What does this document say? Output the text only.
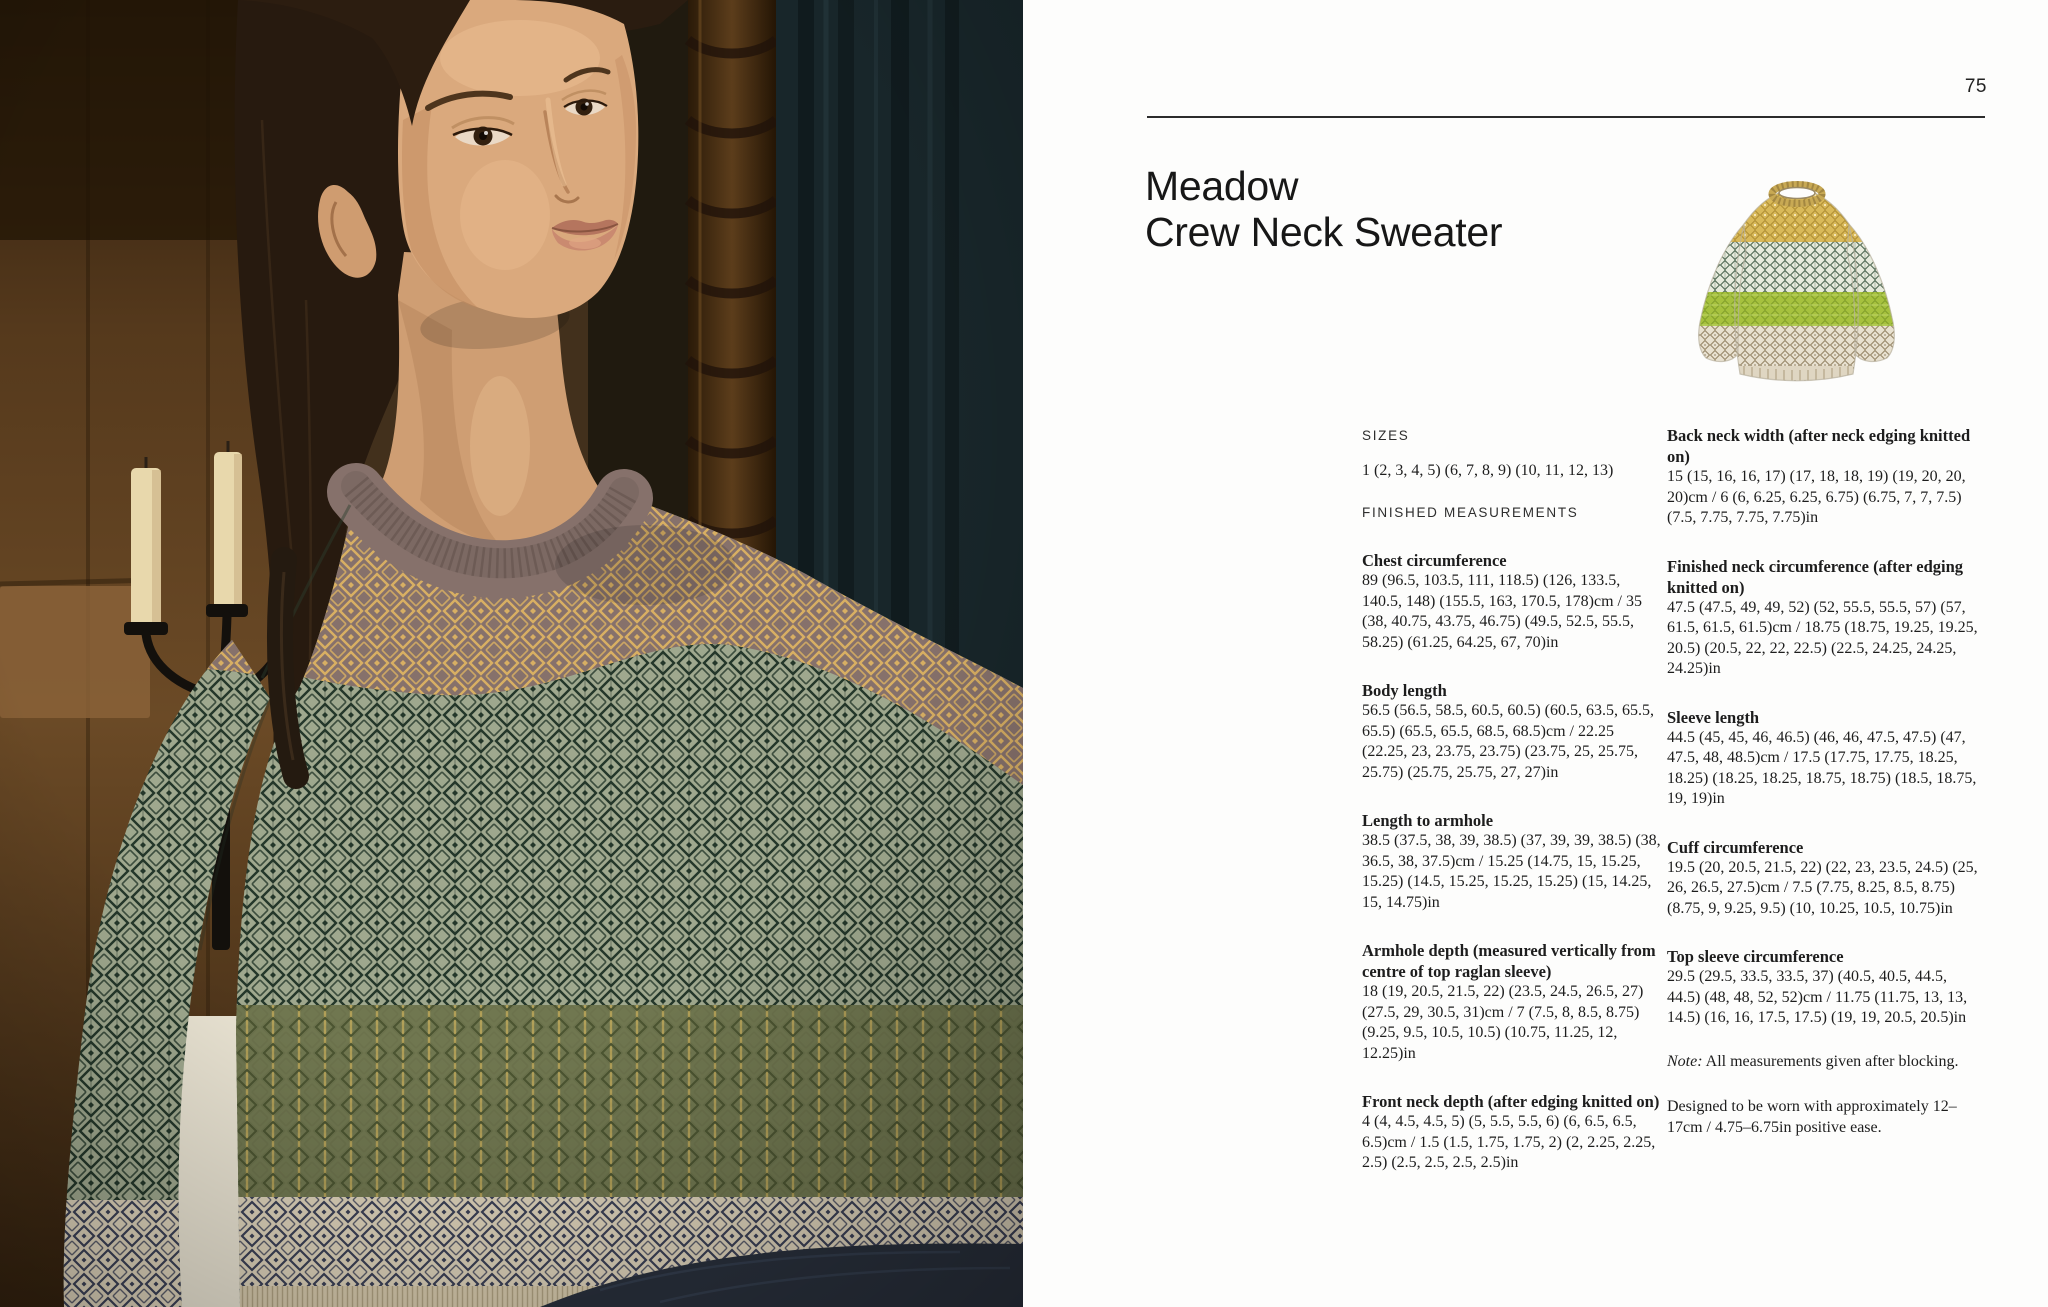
75
Meadow
Crew Neck Sweater
SIZES
1 (2, 3, 4, 5) (6, 7, 8, 9) (10, 11, 12, 13)
FINISHED MEASUREMENTS
Chest circumference
89 (96.5, 103.5, 111, 118.5) (126, 133.5, 140.5, 148) (155.5, 163, 170.5, 178)cm / 35 (38, 40.75, 43.75, 46.75) (49.5, 52.5, 55.5, 58.25) (61.25, 64.25, 67, 70)in
Body length
56.5 (56.5, 58.5, 60.5, 60.5) (60.5, 63.5, 65.5, 65.5) (65.5, 65.5, 68.5, 68.5)cm / 22.25 (22.25, 23, 23.75, 23.75) (23.75, 25, 25.75, 25.75) (25.75, 25.75, 27, 27)in
Length to armhole
38.5 (37.5, 38, 39, 38.5) (37, 39, 39, 38.5) (38, 36.5, 38, 37.5)cm / 15.25 (14.75, 15, 15.25, 15.25) (14.5, 15.25, 15.25, 15.25) (15, 14.25, 15, 14.75)in
Armhole depth (measured vertically from centre of top raglan sleeve)
18 (19, 20.5, 21.5, 22) (23.5, 24.5, 26.5, 27) (27.5, 29, 30.5, 31)cm / 7 (7.5, 8, 8.5, 8.75) (9.25, 9.5, 10.5, 10.5) (10.75, 11.25, 12, 12.25)in
Front neck depth (after edging knitted on)
4 (4, 4.5, 4.5, 5) (5, 5.5, 5.5, 6) (6, 6.5, 6.5, 6.5)cm / 1.5 (1.5, 1.75, 1.75, 2) (2, 2.25, 2.25, 2.5) (2.5, 2.5, 2.5, 2.5)in
Back neck width (after neck edging knitted on)
15 (15, 16, 16, 17) (17, 18, 18, 19) (19, 20, 20, 20)cm / 6 (6, 6.25, 6.25, 6.75) (6.75, 7, 7, 7.5) (7.5, 7.75, 7.75, 7.75)in
Finished neck circumference (after edging knitted on)
47.5 (47.5, 49, 49, 52) (52, 55.5, 55.5, 57) (57, 61.5, 61.5, 61.5)cm / 18.75 (18.75, 19.25, 19.25, 20.5) (20.5, 22, 22, 22.5) (22.5, 24.25, 24.25, 24.25)in
Sleeve length
44.5 (45, 45, 46, 46.5) (46, 46, 47.5, 47.5) (47, 47.5, 48, 48.5)cm / 17.5 (17.75, 17.75, 18.25, 18.25) (18.25, 18.25, 18.75, 18.75) (18.5, 18.75, 19, 19)in
Cuff circumference
19.5 (20, 20.5, 21.5, 22) (22, 23, 23.5, 24.5) (25, 26, 26.5, 27.5)cm / 7.5 (7.75, 8.25, 8.5, 8.75) (8.75, 9, 9.25, 9.5) (10, 10.25, 10.5, 10.75)in
Top sleeve circumference
29.5 (29.5, 33.5, 33.5, 37) (40.5, 40.5, 44.5, 44.5) (48, 48, 52, 52)cm / 11.75 (11.75, 13, 13, 14.5) (16, 16, 17.5, 17.5) (19, 19, 20.5, 20.5)in
Note: All measurements given after blocking.
Designed to be worn with approximately 12–17cm / 4.75–6.75in positive ease.
